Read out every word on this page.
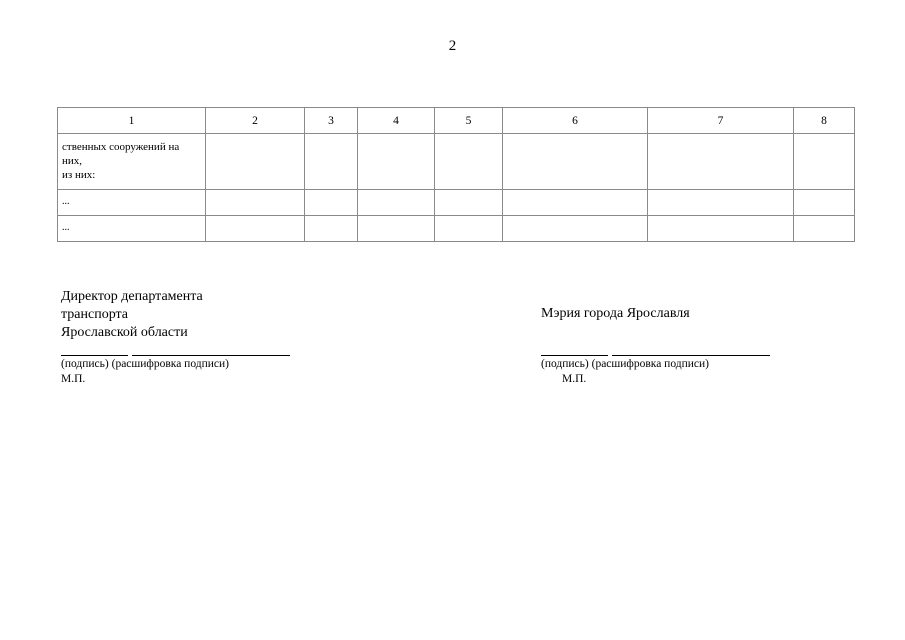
2
1	2	3	4	5	6	7	8

ственных сооружений на
них,
из них:							

...							

...							

Директор департамента
транспорта
Ярославской области
(подпись) (расшифровка подписи)
М.П.
Мэрия города Ярославля
(подпись) (расшифровка подписи)
М.П.
